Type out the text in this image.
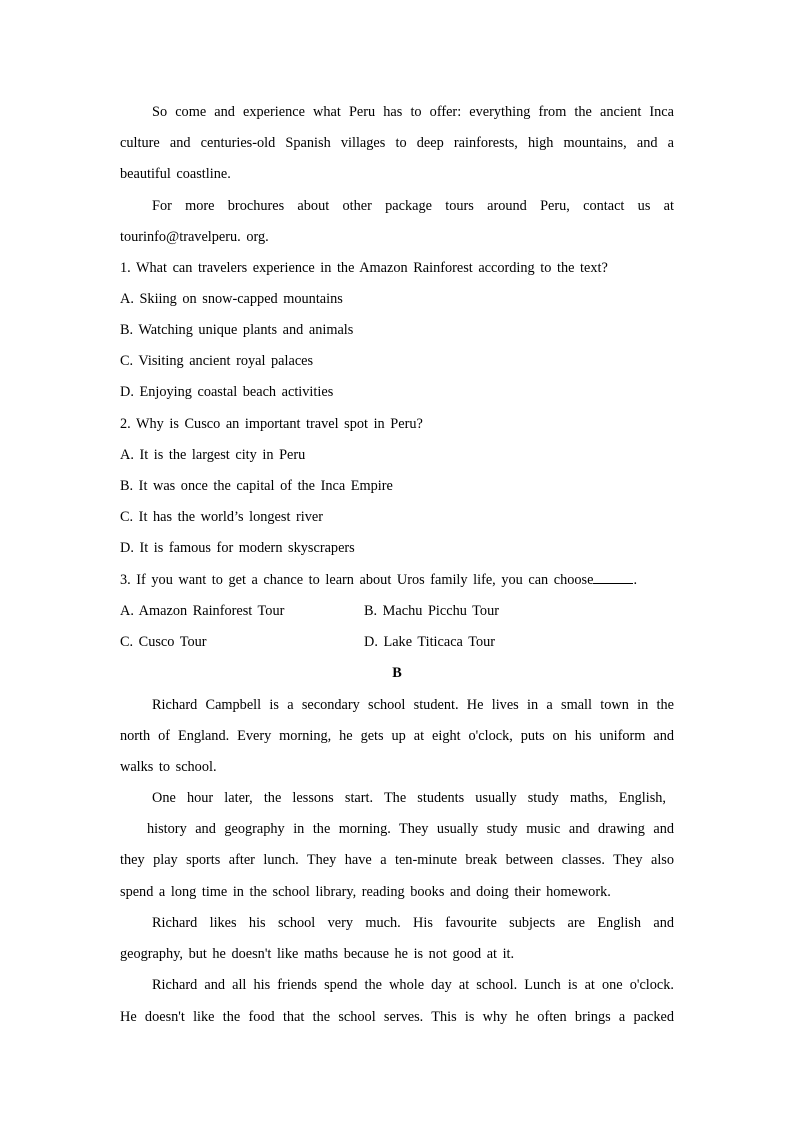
So come and experience what Peru has to offer: everything from the ancient Inca
culture and centuries-old Spanish villages to deep rainforests, high mountains, and a
beautiful coastline.
For more brochures about other package tours around Peru, contact us at
tourinfo@travelperu. org.
1. What can travelers experience in the Amazon Rainforest according to the text?
A. Skiing on snow-capped mountains
B. Watching unique plants and animals
C. Visiting ancient royal palaces
D. Enjoying coastal beach activities
2. Why is Cusco an important travel spot in Peru?
A. It is the largest city in Peru
B. It was once the capital of the Inca Empire
C. It has the world’s longest river
D. It is famous for modern skyscrapers
3. If you want to get a chance to learn about Uros family life, you can choose	.
A. Amazon Rainforest Tour	B. Machu Picchu Tour
C. Cusco Tour	D. Lake Titicaca Tour
B
Richard Campbell is a secondary school student. He lives in a small town in the
north of England. Every morning, he gets up at eight o'clock, puts on his uniform and
walks to school.
One hour later, the lessons start. The students usually study maths, English,
history and geography in the morning. They usually study music and drawing and
they play sports after lunch. They have a ten-minute break between classes. They also
spend a long time in the school library, reading books and doing their homework.
Richard likes his school very much. His favourite subjects are English and
geography, but he doesn't like maths because he is not good at it.
Richard and all his friends spend the whole day at school. Lunch is at one o'clock.
He doesn't like the food that the school serves. This is why he often brings a packed
